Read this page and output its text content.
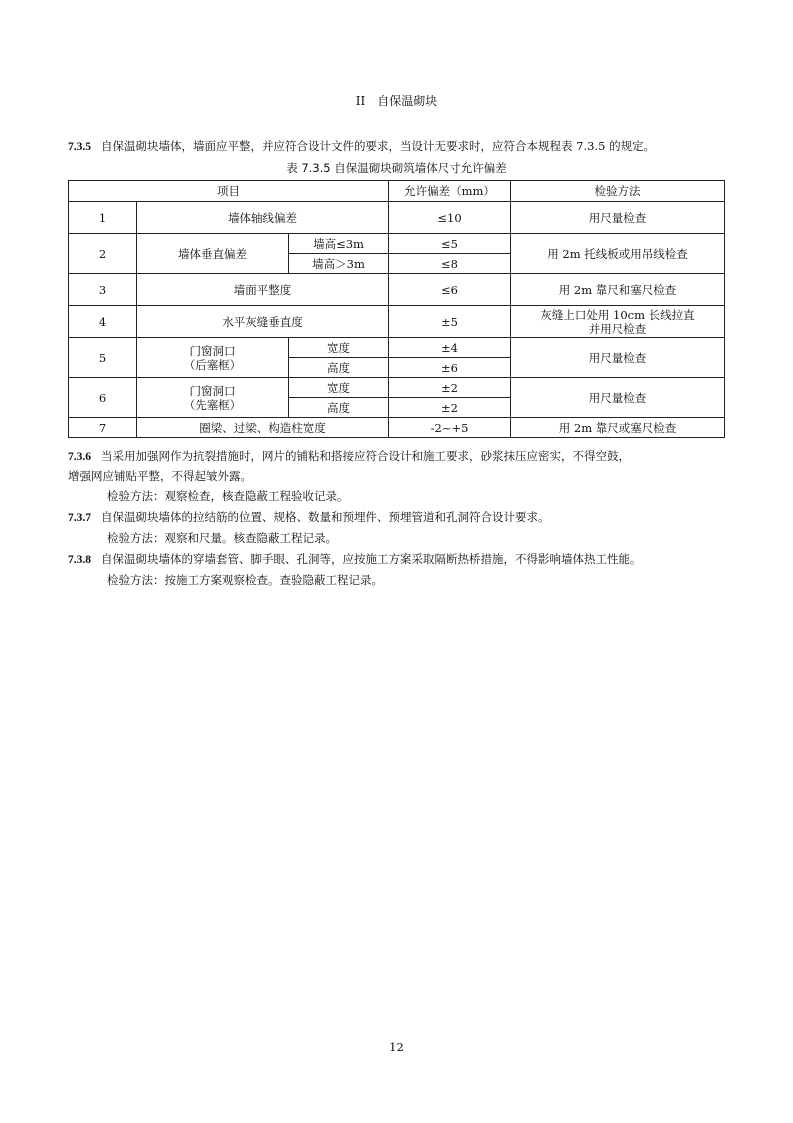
II 自保温砌块
7.3.5 自保温砌块墙体，墙面应平整，并应符合设计文件的要求，当设计无要求时，应符合本规程表 7.3.5 的规定。
表 7.3.5 自保温砌块砌筑墙体尺寸允许偏差
项目			允许偏差（mm）	检验方法
1	墙体轴线偏差		≤10	用尺量检查
2	墙体垂直偏差	墙高≤3m	≤5	用 2m 托线板或用吊线检查
		墙高＞3m	≤8	
3	墙面平整度		≤6	用 2m 靠尺和塞尺检查
4	水平灰缝垂直度		±5	灰缝上口处用 10cm 长线拉直
并用尺检查

5	门窗洞口
（后塞框）	宽度	±4	用尺量检查
		高度	±6	
6	门窗洞口
（先塞框）	宽度	±2	用尺量检查
		高度	±2	
7	圈梁、过梁、构造柱宽度		-2~+5	用 2m 靠尺或塞尺检查
7.3.6 当采用加强网作为抗裂措施时，网片的铺粘和搭接应符合设计和施工要求，砂浆抹压应密实，不得空鼓，
增强网应铺贴平整，不得起皱外露。
检验方法：观察检查，核查隐蔽工程验收记录。
7.3.7 自保温砌块墙体的拉结筋的位置、规格、数量和预埋件、预埋管道和孔洞符合设计要求。
检验方法：观察和尺量。核查隐蔽工程记录。
7.3.8 自保温砌块墙体的穿墙套管、脚手眼、孔洞等，应按施工方案采取隔断热桥措施，不得影响墙体热工性能。
检验方法：按施工方案观察检查。查验隐蔽工程记录。
12
